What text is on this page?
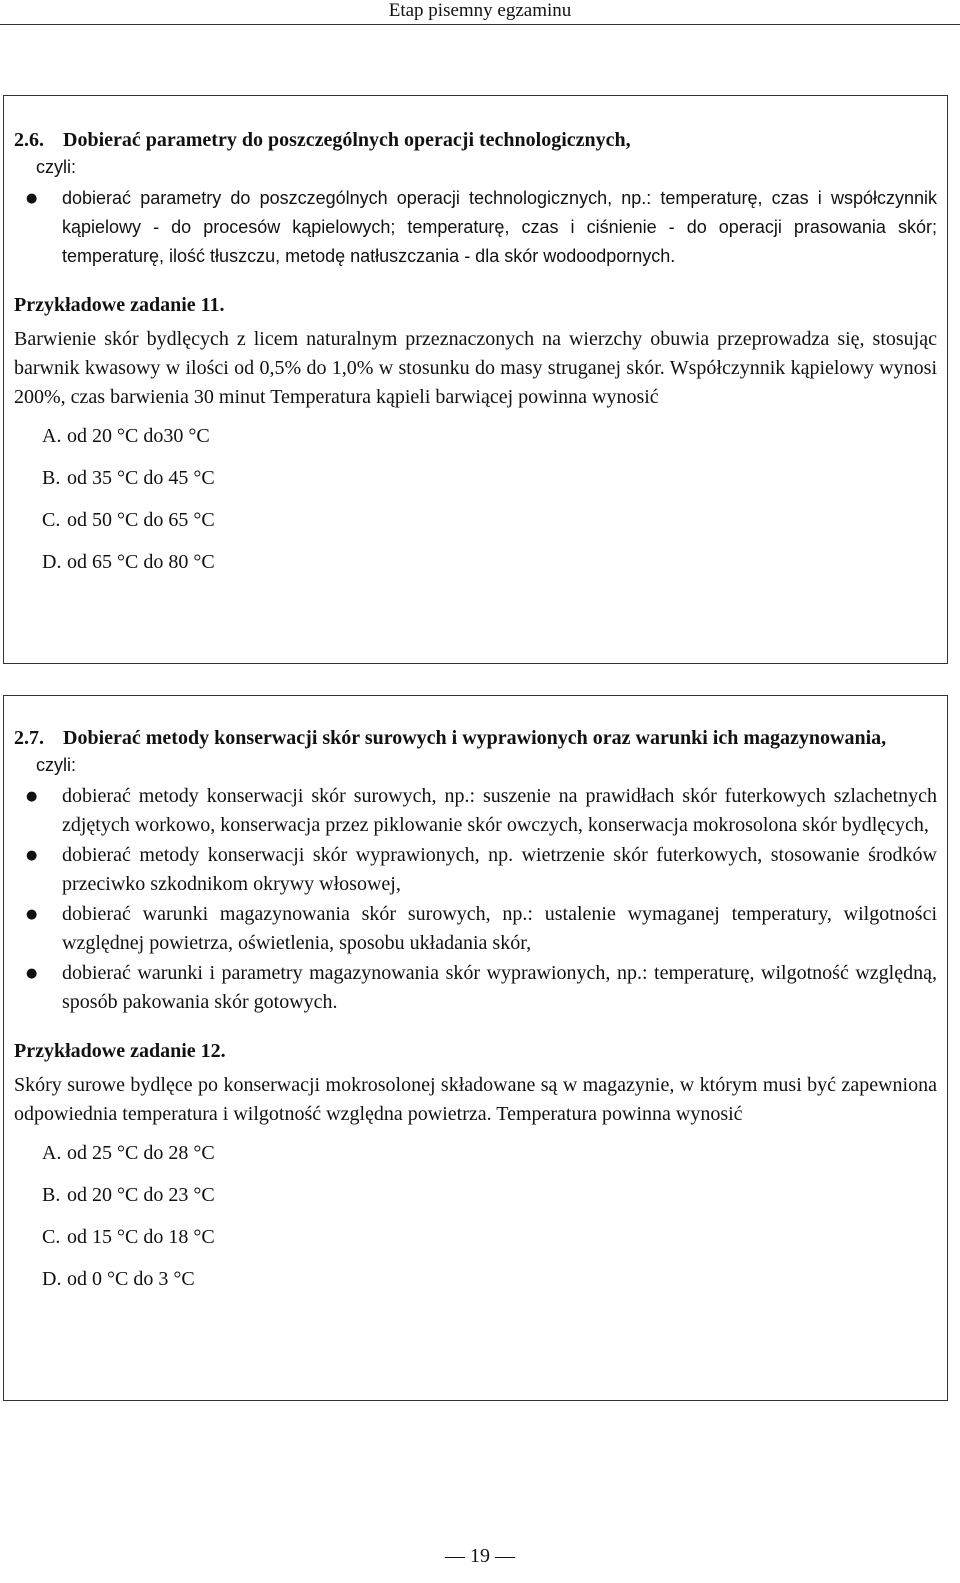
Etap pisemny egzaminu
2.6. Dobierać parametry do poszczególnych operacji technologicznych,
czyli:
● dobierać parametry do poszczególnych operacji technologicznych, np.: temperaturę, czas i współczynnik kąpielowy - do procesów kąpielowych; temperaturę, czas i ciśnienie - do operacji prasowania skór; temperaturę, ilość tłuszczu, metodę natłuszczania - dla skór wodoodpornych.
Przykładowe zadanie 11.
Barwienie skór bydlęcych z licem naturalnym przeznaczonych na wierzchy obuwia przeprowadza się, stosując barwnik kwasowy w ilości od 0,5% do 1,0% w stosunku do masy struganej skór. Współczynnik kąpielowy wynosi 200%, czas barwienia 30 minut Temperatura kąpieli barwiącej powinna wynosić
A. od 20 °C do30 °C
B. od 35 °C do 45 °C
C. od 50 °C do 65 °C
D. od 65 °C do 80 °C
2.7. Dobierać metody konserwacji skór surowych i wyprawionych oraz warunki ich magazynowania,
czyli:
● dobierać metody konserwacji skór surowych, np.: suszenie na prawidłach skór futerkowych szlachetnych zdjętych workowo, konserwacja przez piklowanie skór owczych, konserwacja mokrosolona skór bydlęcych,
● dobierać metody konserwacji skór wyprawionych, np. wietrzenie skór futerkowych, stosowanie środków przeciwko szkodnikom okrywy włosowej,
● dobierać warunki magazynowania skór surowych, np.: ustalenie wymaganej temperatury, wilgotności względnej powietrza, oświetlenia, sposobu układania skór,
● dobierać warunki i parametry magazynowania skór wyprawionych, np.: temperaturę, wilgotność względną, sposób pakowania skór gotowych.
Przykładowe zadanie 12.
Skóry surowe bydlęce po konserwacji mokrosolonej składowane są w magazynie, w którym musi być zapewniona odpowiednia temperatura i wilgotność względna powietrza. Temperatura powinna wynosić
A. od 25 °C do 28 °C
B. od 20 °C do 23 °C
C. od 15 °C do 18 °C
D. od 0 °C do 3 °C
— 19 —
